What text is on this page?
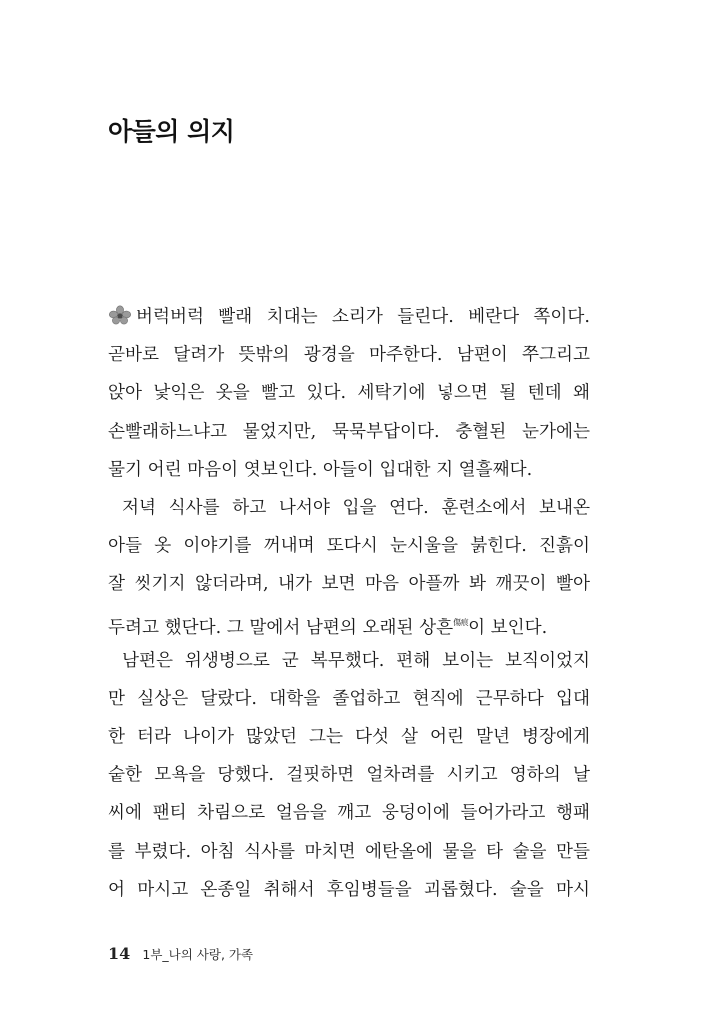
아들의 의지
버럭버럭 빨래 치대는 소리가 들린다. 베란다 쪽이다.
곧바로 달려가 뜻밖의 광경을 마주한다. 남편이 쭈그리고
앉아 낯익은 옷을 빨고 있다. 세탁기에 넣으면 될 텐데 왜
손빨래하느냐고 물었지만, 묵묵부답이다. 충혈된 눈가에는
물기 어린 마음이 엿보인다. 아들이 입대한 지 열흘째다.
저녁 식사를 하고 나서야 입을 연다. 훈련소에서 보내온
아들 옷 이야기를 꺼내며 또다시 눈시울을 붉힌다. 진흙이
잘 씻기지 않더라며, 내가 보면 마음 아플까 봐 깨끗이 빨아
두려고 했단다. 그 말에서 남편의 오래된 상흔$^{傷痕}$이 보인다.
남편은 위생병으로 군 복무했다. 편해 보이는 보직이었지
만 실상은 달랐다. 대학을 졸업하고 현직에 근무하다 입대
한 터라 나이가 많았던 그는 다섯 살 어린 말년 병장에게
숱한 모욕을 당했다. 걸핏하면 얼차려를 시키고 영하의 날
씨에 팬티 차림으로 얼음을 깨고 웅덩이에 들어가라고 행패
를 부렸다. 아침 식사를 마치면 에탄올에 물을 타 술을 만들
어 마시고 온종일 취해서 후임병들을 괴롭혔다. 술을 마시
14 1부_나의 사랑, 가족
